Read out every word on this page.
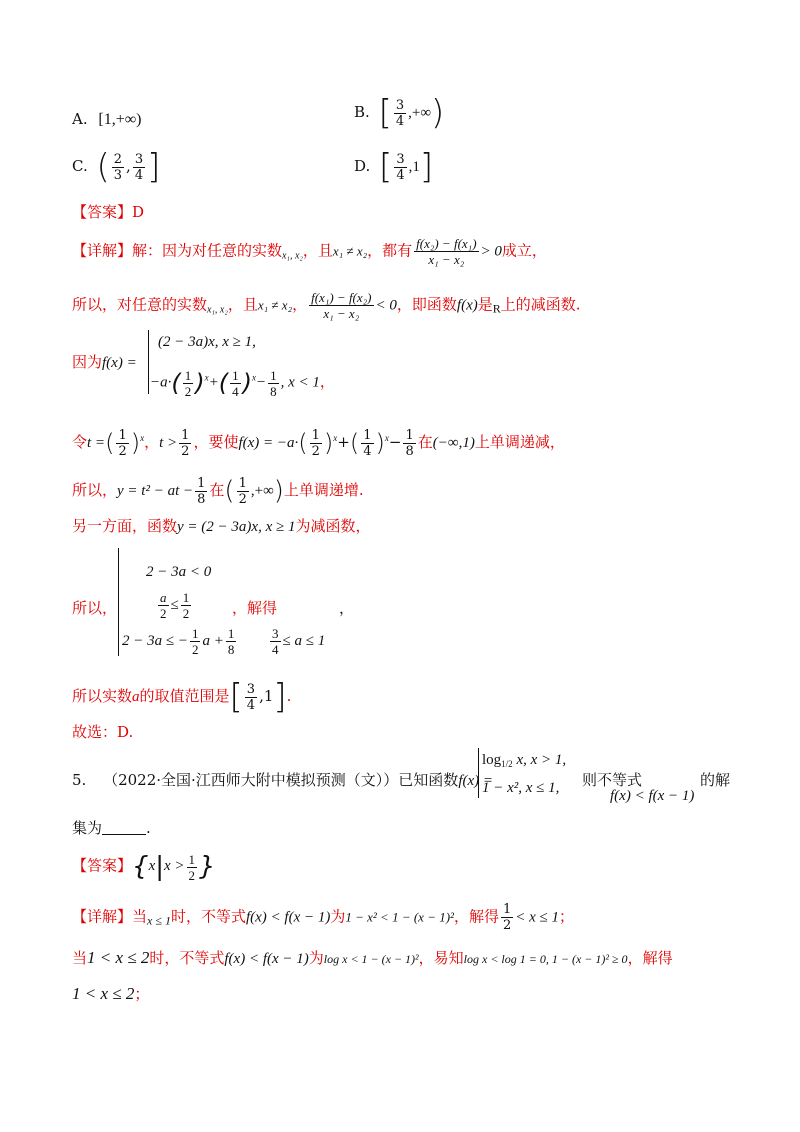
A. [1,+∞)	B. [ $\frac{3}{4}$ ,+∞)
C. ( $\frac{2}{3}$ , $\frac{3}{4}$ ]	D. [ $\frac{3}{4} ,1$]
【答案】D
【详解】解：因为对任意的实数$_{x_1, x_2}$，且x₁ ≠ x₂，都有 $\frac{\text{f(x₂) − f(x₁)}}{\text{x₁ − x₂}} > 0$成立，
所以，对任意的实数$_{x_1, x_2}$，且x₁ ≠ x₂， $\frac{\text{f(x₁) − f(x₂)}}{\text{x₁ − x₂}} < 0$，即函数f(x)是$_R$上的减函数.
因为f(x) =
(2 − 3a)x, x ≥ 1,
$-a\cdot( \frac{1}{2} )^x+( \frac{1}{4} )^x- \frac{1}{8}$ , x < 1，
令t =( $\frac{1}{2} )^x$，$t > \frac{1}{2}$ ，要使$f(x) = -a\cdot( \frac{1}{2} )^x+( \frac{1}{4} )^x- \frac{1}{8}$ 在(−∞,1)上单调递减，
所以，y = t² − at − $\frac{1}{8}$ 在( $\frac{1}{2}$ ,+∞)上单调递增.
另一方面，函数y = (2 − 3a)x, x ≥ 1为减函数，
所以，
2 − 3a < 0
$\frac{a}{2} \le \frac{1}{2}$	，解得	，
2 − 3a ≤ − $\frac{1}{2}$ $a + \frac{1}{8}$	$\frac{3}{4} \le a \le 1$
所以实数a的取值范围是[ $\frac{3}{4} ,1$].
故选：D.
5. （2022·全国·江西师大附中模拟预测（文））已知函数f(x) =
$\log_{1/2} x$, x > 1,
1 − x², x ≤ 1,	则不等式
f(x) < f(x − 1)
的解
集为	.
【答案】{$x|x > \frac{1}{2}$ }
【详解】当$_{x \le 1}$时，不等式f(x) < f(x − 1)为1 − x² < 1 − (x − 1)²，解得 $\frac{1}{2} < x \le 1$；
当1 < x ≤ 2时，不等式f(x) < f(x − 1)为log x < 1 − (x − 1)²，易知log x < log 1 = 0, 1 − (x − 1)² ≥ 0，解得
1 < x ≤ 2；
